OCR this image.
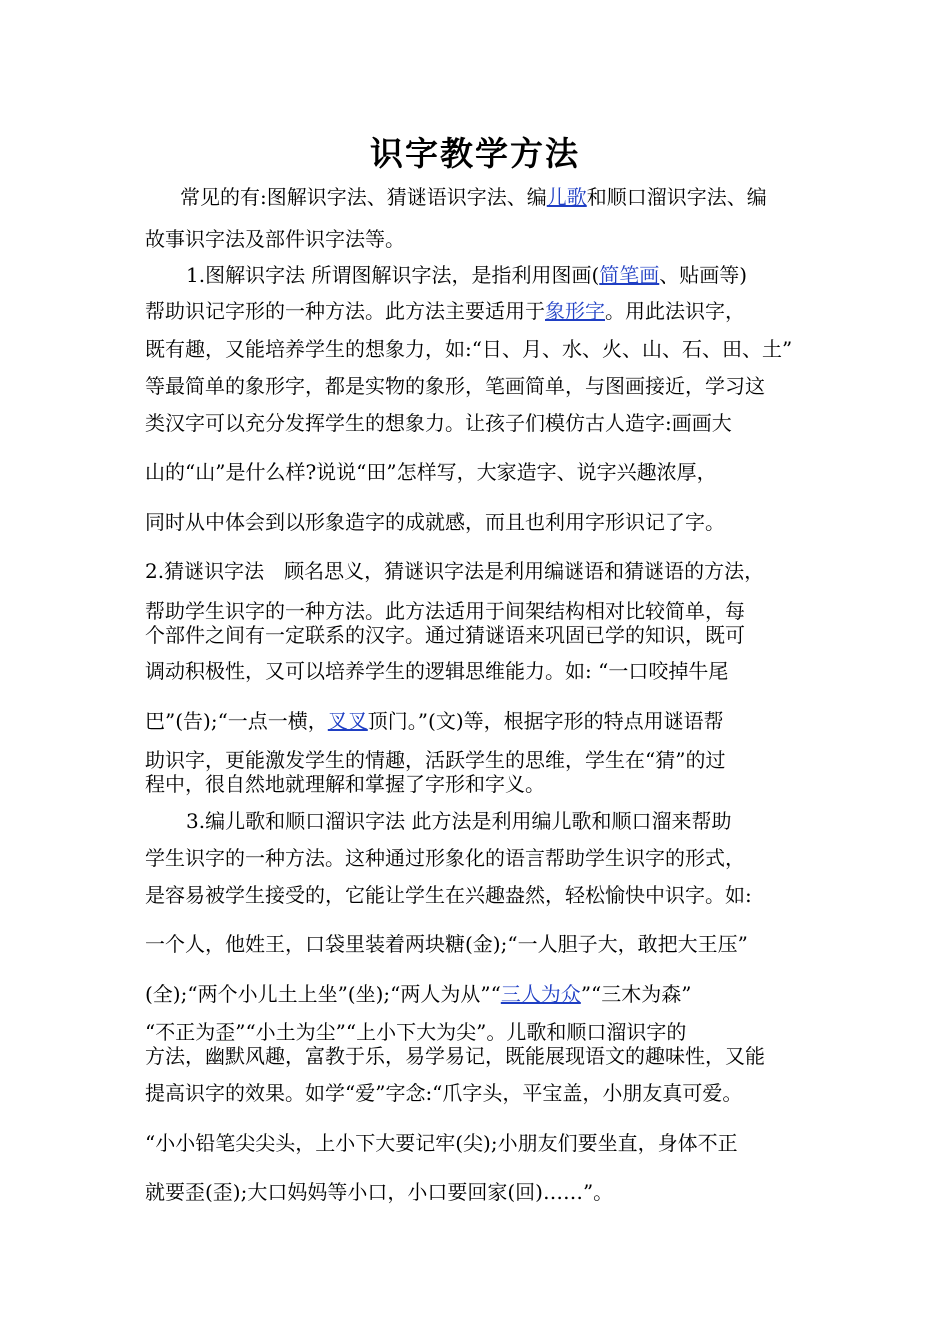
识字教学方法
常见的有:图解识字法、猜谜语识字法、编儿歌和顺口溜识字法、编
故事识字法及部件识字法等。
1.图解识字法 所谓图解识字法，是指利用图画(简笔画、贴画等)
帮助识记字形的一种方法。此方法主要适用于象形字。用此法识字，
既有趣，又能培养学生的想象力，如:“日、月、水、火、山、石、田、土”
等最简单的象形字，都是实物的象形，笔画简单，与图画接近，学习这
类汉字可以充分发挥学生的想象力。让孩子们模仿古人造字:画画大
山的“山”是什么样?说说“田”怎样写，大家造字、说字兴趣浓厚，
同时从中体会到以形象造字的成就感，而且也利用字形识记了字。
2.猜谜识字法　顾名思义，猜谜识字法是利用编谜语和猜谜语的方法，
帮助学生识字的一种方法。此方法适用于间架结构相对比较简单，每
个部件之间有一定联系的汉字。通过猜谜语来巩固已学的知识，既可
调动积极性，又可以培养学生的逻辑思维能力。如: “一口咬掉牛尾
巴”(告);“一点一横，叉叉顶门。”(文)等，根据字形的特点用谜语帮
助识字，更能激发学生的情趣，活跃学生的思维，学生在“猜”的过
程中，很自然地就理解和掌握了字形和字义。
3.编儿歌和顺口溜识字法 此方法是利用编儿歌和顺口溜来帮助
学生识字的一种方法。这种通过形象化的语言帮助学生识字的形式，
是容易被学生接受的，它能让学生在兴趣盎然，轻松愉快中识字。如:
一个人，他姓王，口袋里装着两块糖(金);“一人胆子大，敢把大王压”
(全);“两个小儿土上坐”(坐);“两人为从”“三人为众”“三木为森”
“不正为歪”“小土为尘”“上小下大为尖”。儿歌和顺口溜识字的
方法，幽默风趣，富教于乐，易学易记，既能展现语文的趣味性，又能
提高识字的效果。如学“爱”字念:“爪字头，平宝盖，小朋友真可爱。
“小小铅笔尖尖头，上小下大要记牢(尖);小朋友们要坐直，身体不正
就要歪(歪);大口妈妈等小口，小口要回家(回)……”。
